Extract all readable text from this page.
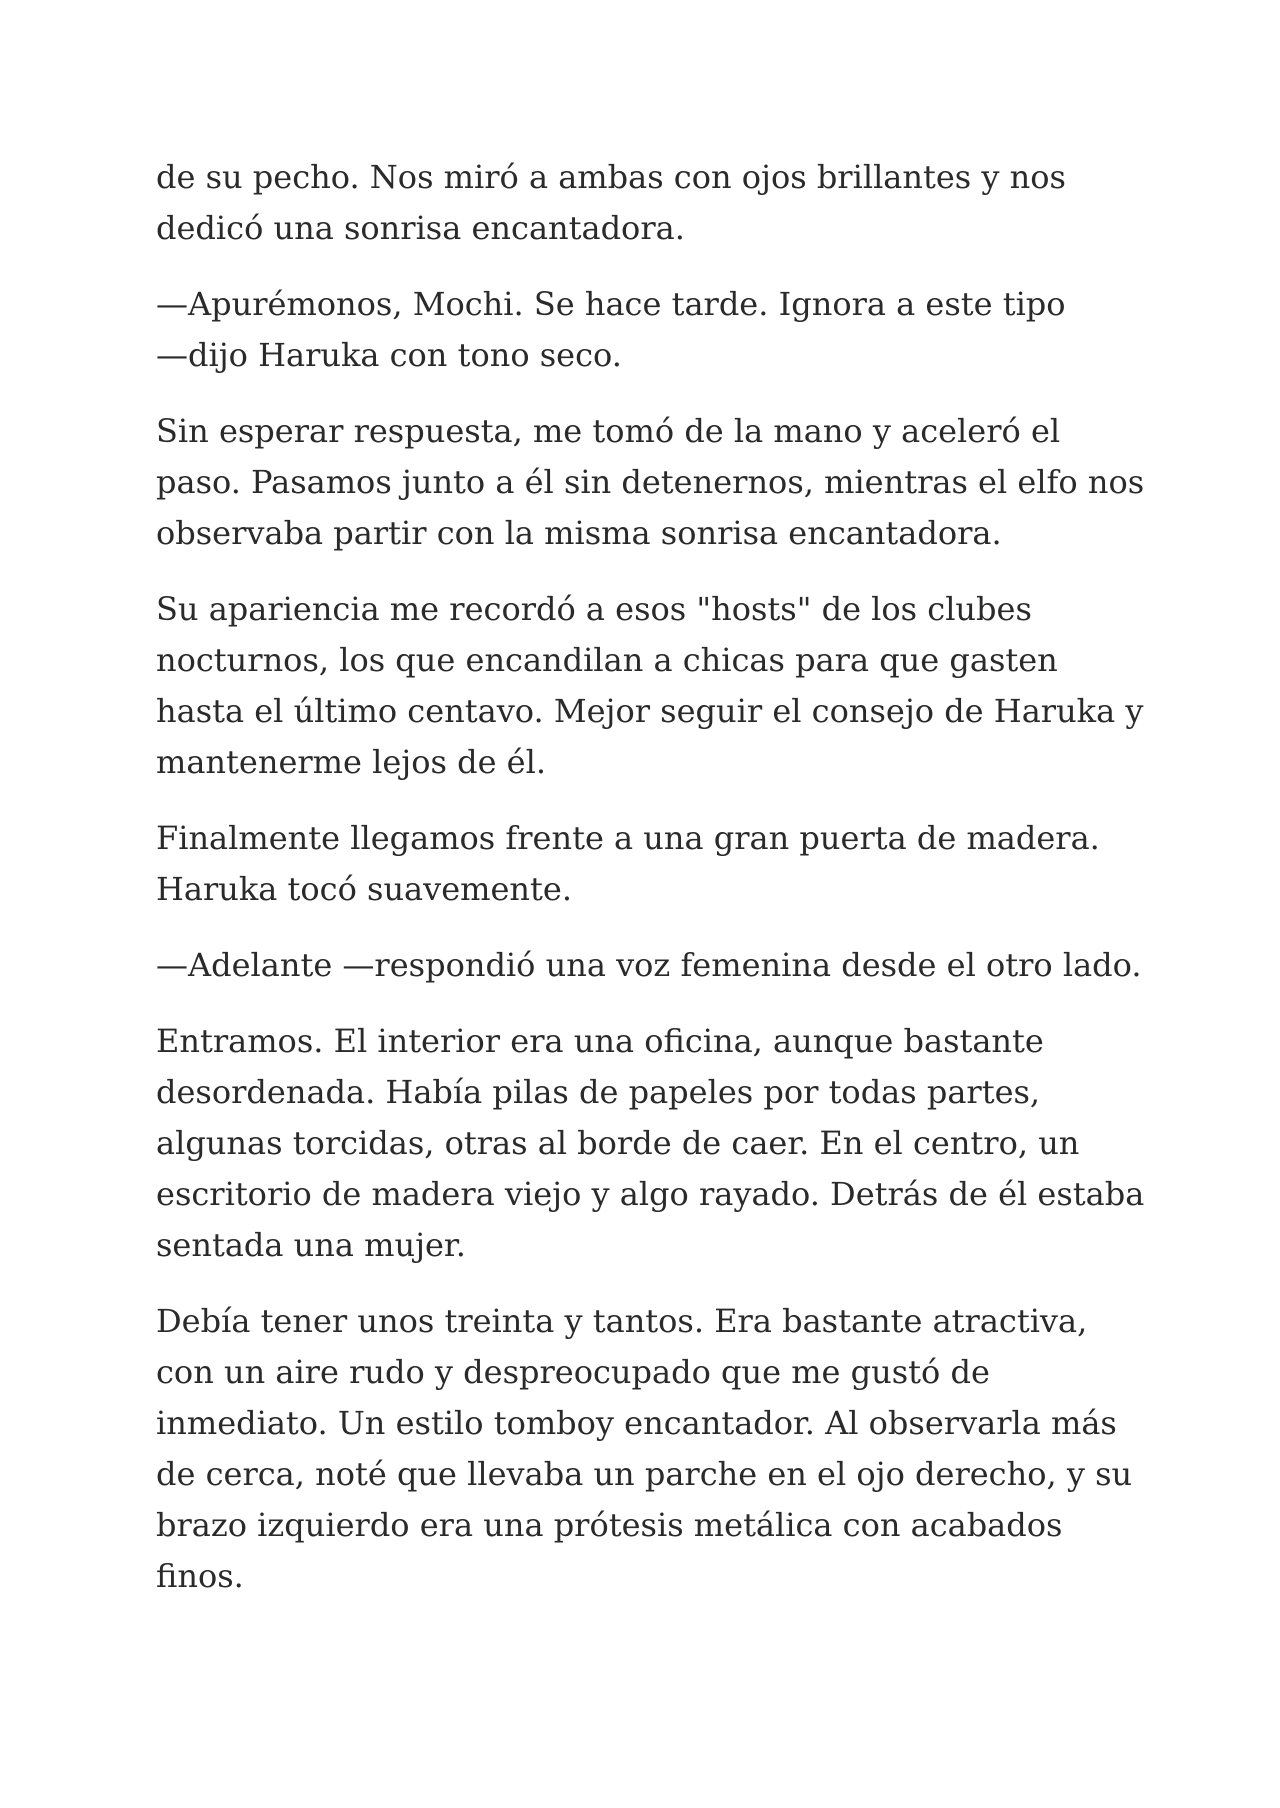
de su pecho. Nos miró a ambas con ojos brillantes y nos
dedicó una sonrisa encantadora.

—Apurémonos, Mochi. Se hace tarde. Ignora a este tipo
—dijo Haruka con tono seco.

Sin esperar respuesta, me tomó de la mano y aceleró el
paso. Pasamos junto a él sin detenernos, mientras el elfo nos
observaba partir con la misma sonrisa encantadora.

Su apariencia me recordó a esos "hosts" de los clubes
nocturnos, los que encandilan a chicas para que gasten
hasta el último centavo. Mejor seguir el consejo de Haruka y
mantenerme lejos de él.

Finalmente llegamos frente a una gran puerta de madera.
Haruka tocó suavemente.

—Adelante —respondió una voz femenina desde el otro lado.

Entramos. El interior era una oficina, aunque bastante
desordenada. Había pilas de papeles por todas partes,
algunas torcidas, otras al borde de caer. En el centro, un
escritorio de madera viejo y algo rayado. Detrás de él estaba
sentada una mujer.

Debía tener unos treinta y tantos. Era bastante atractiva,
con un aire rudo y despreocupado que me gustó de
inmediato. Un estilo tomboy encantador. Al observarla más
de cerca, noté que llevaba un parche en el ojo derecho, y su
brazo izquierdo era una prótesis metálica con acabados
finos.
